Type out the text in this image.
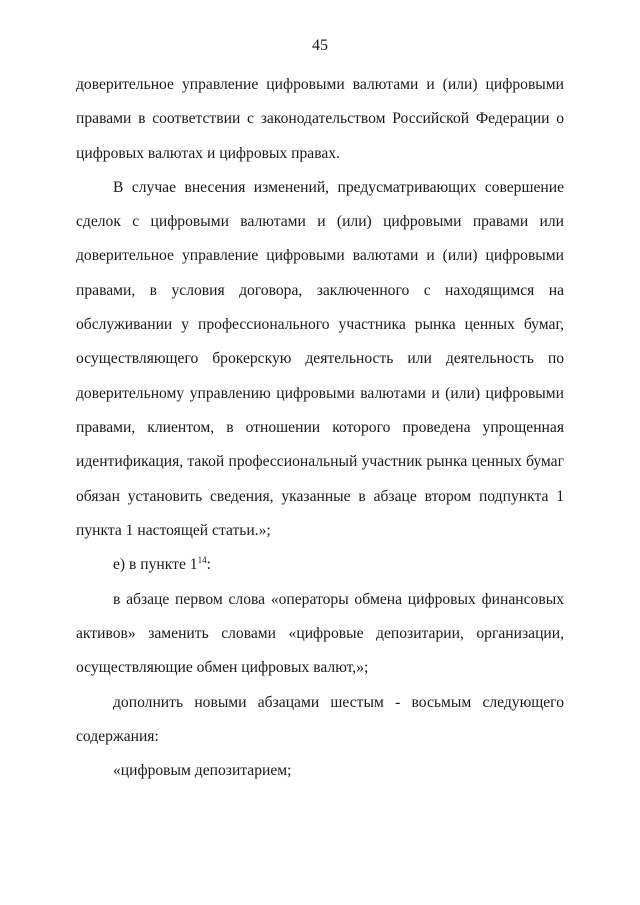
45
доверительное управление цифровыми валютами и (или) цифровыми
правами в соответствии с законодательством Российской Федерации о
цифровых валютах и цифровых правах.
В случае внесения изменений, предусматривающих совершение
сделок с цифровыми валютами и (или) цифровыми правами или
доверительное управление цифровыми валютами и (или) цифровыми
правами, в условия договора, заключенного с находящимся на
обслуживании у профессионального участника рынка ценных бумаг,
осуществляющего брокерскую деятельность или деятельность по
доверительному управлению цифровыми валютами и (или) цифровыми
правами, клиентом, в отношении которого проведена упрощенная
идентификация, такой профессиональный участник рынка ценных бумаг
обязан установить сведения, указанные в абзаце втором подпункта 1
пункта 1 настоящей статьи.»;
е) в пункте $1^{14}$:
в абзаце первом слова «операторы обмена цифровых финансовых
активов» заменить словами «цифровые депозитарии, организации,
осуществляющие обмен цифровых валют,»;
дополнить новыми абзацами шестым - восьмым следующего
содержания:
«цифровым депозитарием;
